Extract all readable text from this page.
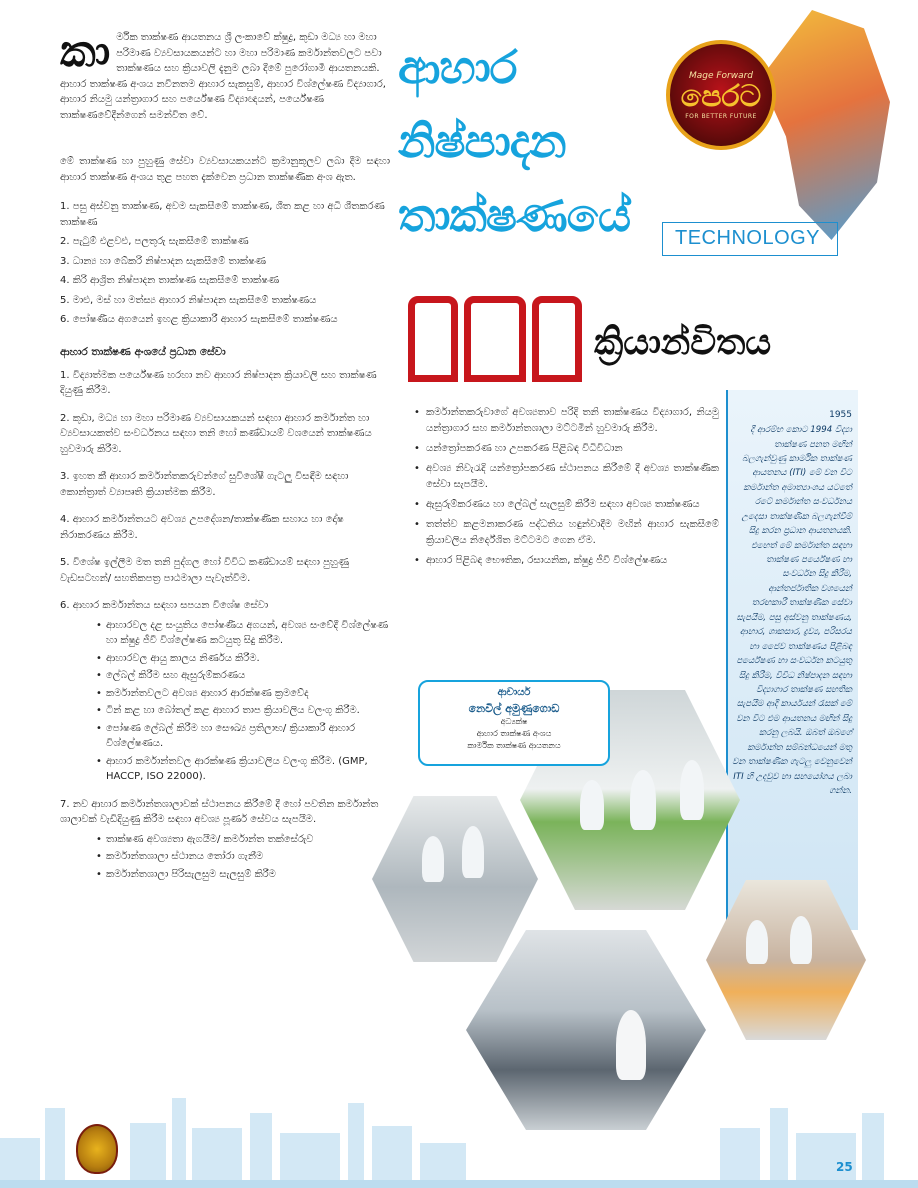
කා ර්මික තාක්ෂණ ආයතනය ශ්‍රී ලංකාවේ ක්ෂුද්‍ර, කුඩා මධ්‍ය හා මහා පරිමාණ ව්‍යවසායකයන්ට හා මහා පරිමාණ කර්මාන්තවලට පවා තාක්ෂණය සහ ක්‍රියාවලි දැනුම ලබා දීමේ පුරෝගාමී ආයතනයකි. ආහාර තාක්ෂණ අංශය නවීනතම ආහාර සැකසුම්, ආහාර විශ්ලේෂණ විද්‍යාගාර, ආහාර නියමු යන්ත්‍රාගාර සහ පර්යේෂණ විද්‍යාඥයන්, පර්යේෂණ තාක්ෂණවේදීන්ගෙන් සමන්විත වේ.

මේ තාක්ෂණ හා පුහුණු සේවා ව්‍යවසායකයන්ට ක්‍රමානුකූලව ලබා දීම සඳහා ආහාර තාක්ෂණ අංශය තුළ පහත දැක්වෙන ප්‍රධාන තාක්ෂණික අංශ ඇත.

1. පසු අස්වනු තාක්ෂණ, අවම සැකසීමේ තාක්ෂණ, ශීත කළ හා අධි ශීතකරණ තාක්ෂණ
2. පැටුම් එළවළු, පලතුරු සැකසීමේ තාක්ෂණ
3. ධාන්‍ය හා බේකරි නිෂ්පාදන සැකසීමේ තාක්ෂණ
4. කිරි ආශ්‍රිත නිෂ්පාදන තාක්ෂණ සැකසීමේ තාක්ෂණ
5. මාළු, මස් හා මත්ස්‍ය ආහාර නිෂ්පාදන සැකසීමේ තාක්ෂණය
6. පෝෂණීය අගයෙන් ඉහළ ක්‍රියාකාරී ආහාර සැකසීමේ තාක්ෂණය
ආහාර තාක්ෂණ අංශයේ ප්‍රධාන සේවා
1. විද්‍යාත්මක පර්යේෂණ හරහා නව ආහාර නිෂ්පාදන ක්‍රියාවලි සහ තාක්ෂණ දියුණු කිරීම.
2. කුඩා, මධ්‍ය හා මහා පරිමාණ ව්‍යවසායකයන් සඳහා ආහාර කර්මාන්ත හා ව්‍යවසායකත්ව සංවර්ධනය සඳහා තනි හෝ කණ්ඩායම් වශයෙන් තාක්ෂණය හුවමාරු කිරීම.
3. ඉහත කී ආහාර කර්මාන්තකරුවන්ගේ සුවිශේෂී ගැටලු විසඳීම සඳහා කොන්ත්‍රාත් ව්‍යාපෘති ක්‍රියාත්මක කිරීම.
4. ආහාර කර්මාන්තයට අවශ්‍ය උපදේශන/තාක්ෂණික සහාය හා දෝෂ නිරාකරණය කිරීම.
5. විශේෂ ඉල්ලීම මත තනි පුද්ගල හෝ විවිධ කණ්ඩායම් සඳහා පුහුණු වැඩසටහන්/ සහතිකපත්‍ර පාඨමාලා පැවැත්වීම.
6. ආහාර කර්මාන්තය සඳහා සපයන විශේෂ සේවා
• ආහාරවල දළ සංයුතිය පෝෂණීය අගයන්, අවශ්‍ය සංවේදී විශ්ලේෂණ හා ක්ෂුද්‍ර ජීවී විශ්ලේෂණ කටයුතු සිදු කිරීම.
• ආහාරවල ආයු කාලය නිර්ණය කිරීම.
• ලේබල් කිරීම සහ ඇසුරුම්කරණය
• කර්මාන්තවලට අවශ්‍ය ආහාර ආරක්ෂණ ක්‍රමවේද
• ටින් කළ හා බෝතල් කළ ආහාර තාප ක්‍රියාවලිය වලංගු කිරීම.
• පෝෂණ ලේබල් කිරීම හා සෞඛ්‍ය ප්‍රතිලාභ/ ක්‍රියාකාරී ආහාර විශ්ලේෂණය.
• ආහාර කර්මාන්තවල ආරක්ෂණ ක්‍රියාවලිය වලංගු කිරීම. (GMP, HACCP, ISO 22000).
7. නව ආහාර කර්මාන්තශාලාවක් ස්ථාපනය කිරීමේ දී හෝ පවතින කර්මාන්ත ශාලාවක් වැඩිදියුණු කිරීම සඳහා අවශ්‍ය පූර්ණ සේවය සැපයීම.
• තාක්ෂණ අවශ්‍යතා ඇගයීම/ කර්මාන්ත තක්සේරුව
• කර්මාන්තශාලා ස්ථානය තෝරා ගැනීම
• කර්මාන්තශාලා පිරිසැලසුම සැලසුම් කිරීම
ආහාර
නිෂ්පාදන
තාක්ෂණයේ
Mage Forward
පෙරට
FOR BETTER FUTURE
TECHNOLOGY
ක්‍රියාන්විතය
• කර්මාන්තකරුවාගේ අවශ්‍යතාව පරිදි තනි තාක්ෂණය විද්‍යාගාර, නියමු යන්ත්‍රාගාර සහ කර්මාන්තශාලා මට්ටමින් හුවමාරු කිරීම.
• යන්ත්‍රෝපකරණ හා උපකරණ පිළිබඳ විධිවිධාන
• අවශ්‍ය නිවැරැදි යන්ත්‍රෝපකරණ ස්ථාපනය කිරීමේ දී අවශ්‍ය තාක්ෂණික සේවා සැපයීම.
• ඇසුරුම්කරණය හා ලේබල් සැලසුම් කිරීම සඳහා අවශ්‍ය තාක්ෂණය
• තත්ත්ව කළමනාකරණ පද්ධතිය හඳුන්වාදීම මඟින් ආහාර සැකසීමේ ක්‍රියාවලිය නිර්දේශිත මට්ටමට ගෙන ඒම.
• ආහාර පිළිබඳ භෞතික, රසායනික, ක්ෂුද්‍ර ජීවී විශ්ලේෂණය
1955
දී ආරම්භ කොට 1994 විද්‍යා තාක්ෂණ පනත මඟින් බලගැන්වුණු කාර්මික තාක්ෂණ ආයතනය (ITI) මේ වන විට කර්මාන්ත අමාත්‍යාංශය යටතේ රටේ කර්මාන්ත සංවර්ධනය උදෙසා තාක්ෂණික බලගැන්වීම් සිදු කරන ප්‍රධාන ආයතනයකි. එහෙත් මේ කර්මාන්ත සඳහා තාක්ෂණ පර්යේෂණ හා සංවර්ධන සිදු කිරීම, ආන්තර්ජාතික වශයෙන් තරඟකාරී තාක්ෂණික සේවා සැපයීම, පසු අස්වනු තාක්ෂණය, ආහාර, ශාකසාර, ද්‍රව්‍ය, පරිසරය හා ජෛව තාක්ෂණය පිළිබඳ පර්යේෂණ හා සංවර්ධන කටයුතු සිදු කිරීම, විවිධ නිෂ්පාදන සඳහා විද්‍යාගාර තාක්ෂණ සහතික සැපයීම ආදී කාර්යයන් රැසක් මේ වන විට එම ආයතනය මඟින් සිදු කරනු ලබයි. ඔබත් ඔබගේ කර්මාන්ත සම්බන්ධයෙන් මතු වන තාක්ෂණික ගැටලු වෙනුවෙන් ITI හි උදවුව හා සහයෝගය ලබා ගන්න.
ආචාර්ය
නෙවිල් අමුණුගොඩ
අධ්‍යක්ෂ
ආහාර තාක්ෂණ අංශය
කාර්මික තාක්ෂණ ආයතනය
25
